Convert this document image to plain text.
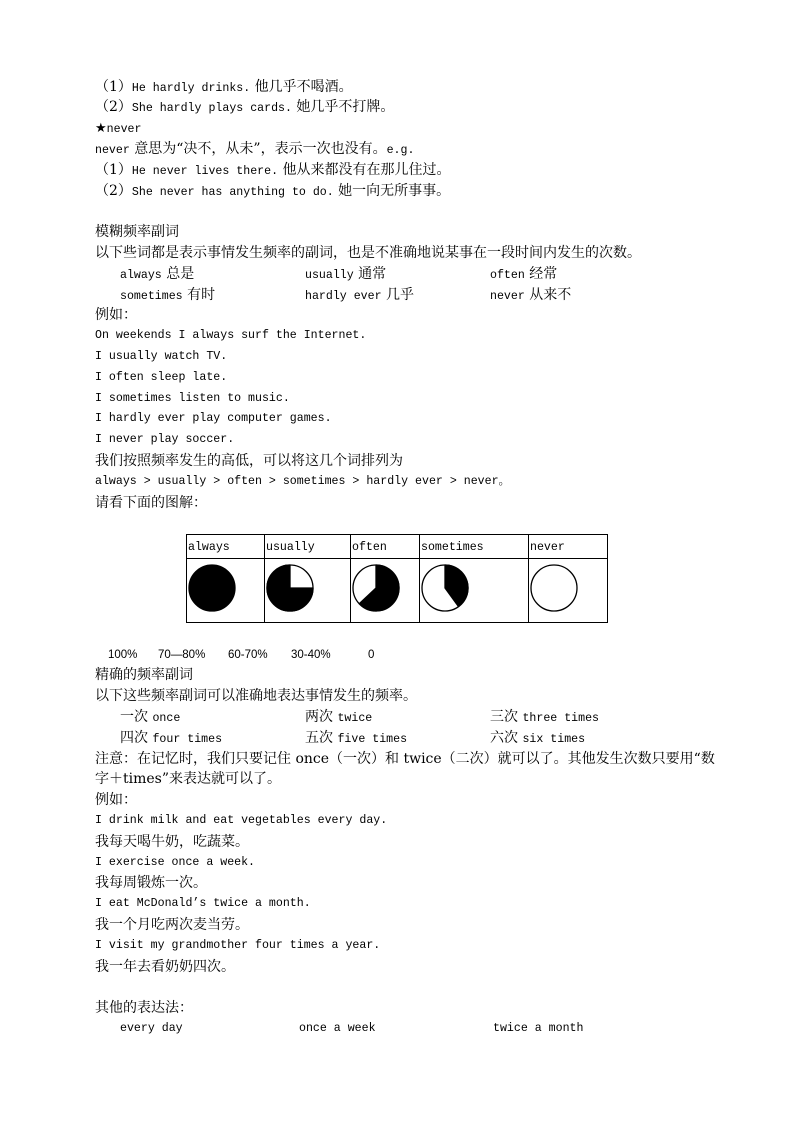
（1）He hardly drinks. 他几乎不喝酒。
（2）She hardly plays cards. 她几乎不打牌。
★never
never 意思为“决不，从未”，表示一次也没有。e.g.
（1）He never lives there. 他从来都没有在那儿住过。
（2）She never has anything to do. 她一向无所事事。
模糊频率副词
以下些词都是表示事情发生频率的副词，也是不准确地说某事在一段时间内发生的次数。
always 总是	usually 通常	often 经常
sometimes 有时	hardly ever 几乎	never 从来不
例如：
On weekends I always surf the Internet.
I usually watch TV.
I often sleep late.
I sometimes listen to music.
I hardly ever play computer games.
I never play soccer.
我们按照频率发生的高低，可以将这几个词排列为
always > usually > often > sometimes > hardly ever > never。
请看下面的图解：
always	usually	often	sometimes	never

100% 70—80% 60-70% 30-40%	0
精确的频率副词
以下这些频率副词可以准确地表达事情发生的频率。
一次 once	两次 twice	三次 three times
四次 four times	五次 five times	六次 six times
注意：在记忆时，我们只要记住 once（一次）和 twice（二次）就可以了。其他发生次数只要用“数
字＋times”来表达就可以了。
例如：
I drink milk and eat vegetables every day.
我每天喝牛奶，吃蔬菜。
I exercise once a week.
我每周锻炼一次。
I eat McDonald’s twice a month.
我一个月吃两次麦当劳。
I visit my grandmother four times a year.
我一年去看奶奶四次。
其他的表达法：
every day	once a week	twice a month
